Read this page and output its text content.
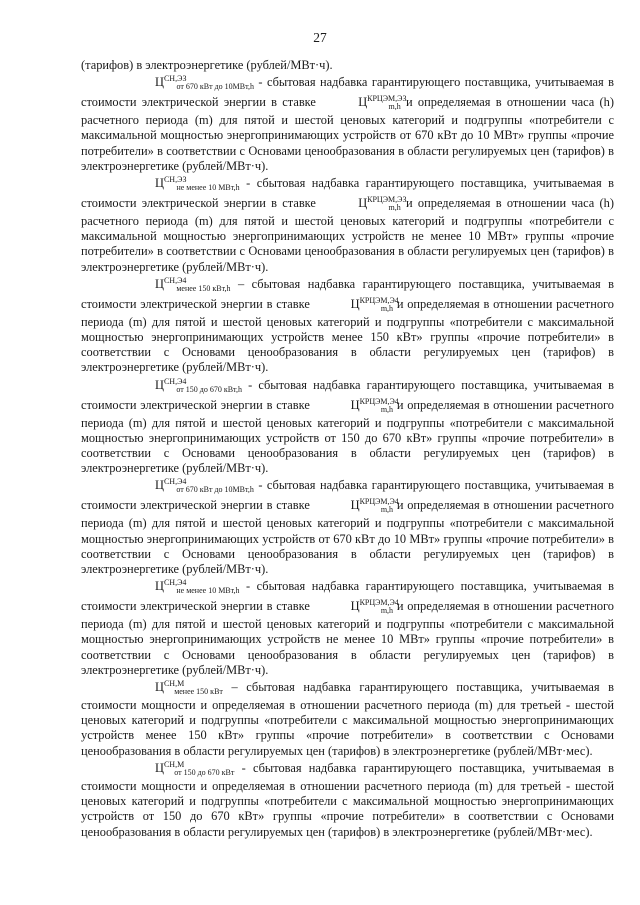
27

(тарифов) в электроэнергетике (рублей/МВт·ч).

$Ц^{СН,ЭЗ}_{от 670 кВт до 10МВт,h}$ - сбытовая надбавка гарантирующего поставщика, учитываемая в стоимости электрической энергии в ставке	$Ц^{КРЦЭМ,ЭЗ}_{m,h}$ и определяемая в отношении часа (h) расчетного периода (m) для пятой и шестой ценовых категорий и подгруппы «потребители с максимальной мощностью энергопринимающих устройств от 670 кВт до 10 МВт» группы «прочие потребители» в соответствии с Основами ценообразования в области регулируемых цен (тарифов) в электроэнергетике (рублей/МВт·ч).

$Ц^{СН,ЭЗ}_{не менее 10 МВт,h}$ - сбытовая надбавка гарантирующего поставщика, учитываемая в стоимости электрической энергии в ставке	$Ц^{КРЦЭМ,ЭЗ}_{m,h}$ и определяемая в отношении часа (h) расчетного периода (m) для пятой и шестой ценовых категорий и подгруппы «потребители с максимальной мощностью энергопринимающих устройств не менее 10 МВт» группы «прочие потребители» в соответствии с Основами ценообразования в области регулируемых цен (тарифов) в электроэнергетике (рублей/МВт·ч).

$Ц^{СН,Э4}_{менее 150 кВт,h}$ – сбытовая надбавка гарантирующего поставщика, учитываемая в стоимости электрической энергии в ставке	$Ц^{КРЦЭМ,Э4}_{m,h}$ и определяемая в отношении расчетного периода (m) для пятой и шестой ценовых категорий и подгруппы «потребители с максимальной мощностью энергопринимающих устройств менее 150 кВт» группы «прочие потребители» в соответствии с Основами ценообразования в области регулируемых цен (тарифов) в электроэнергетике (рублей/МВт·ч).

$Ц^{СН,Э4}_{от 150 до 670 кВт,h}$ - сбытовая надбавка гарантирующего поставщика, учитываемая в стоимости электрической энергии в ставке	$Ц^{КРЦЭМ,Э4}_{m,h}$ и определяемая в отношении расчетного периода (m) для пятой и шестой ценовых категорий и подгруппы «потребители с максимальной мощностью энергопринимающих устройств от 150 до 670 кВт» группы «прочие потребители» в соответствии с Основами ценообразования в области регулируемых цен (тарифов) в электроэнергетике (рублей/МВт·ч).

$Ц^{СН,Э4}_{от 670 кВт до 10МВт,h}$ - сбытовая надбавка гарантирующего поставщика, учитываемая в стоимости электрической энергии в ставке	$Ц^{КРЦЭМ,Э4}_{m,h}$ и определяемая в отношении расчетного периода (m) для пятой и шестой ценовых категорий и подгруппы «потребители с максимальной мощностью энергопринимающих устройств от 670 кВт до 10 МВт» группы «прочие потребители» в соответствии с Основами ценообразования в области регулируемых цен (тарифов) в электроэнергетике (рублей/МВт·ч).

$Ц^{СН,Э4}_{не менее 10 МВт,h}$ - сбытовая надбавка гарантирующего поставщика, учитываемая в стоимости электрической энергии в ставке	$Ц^{КРЦЭМ,Э4}_{m,h}$ и определяемая в отношении расчетного периода (m) для пятой и шестой ценовых категорий и подгруппы «потребители с максимальной мощностью энергопринимающих устройств не менее 10 МВт» группы «прочие потребители» в соответствии с Основами ценообразования в области регулируемых цен (тарифов) в электроэнергетике (рублей/МВт·ч).

$Ц^{СН,М}_{менее 150 кВт}$ – сбытовая надбавка гарантирующего поставщика, учитываемая в стоимости мощности и определяемая в отношении расчетного периода (m) для третьей - шестой ценовых категорий и подгруппы «потребители с максимальной мощностью энергопринимающих устройств менее 150 кВт» группы «прочие потребители» в соответствии с Основами ценообразования в области регулируемых цен (тарифов) в электроэнергетике (рублей/МВт·мес).

$Ц^{СН,М}_{от 150 до 670 кВт}$ - сбытовая надбавка гарантирующего поставщика, учитываемая в стоимости мощности и определяемая в отношении расчетного периода (m) для третьей - шестой ценовых категорий и подгруппы «потребители с максимальной мощностью энергопринимающих устройств от 150 до 670 кВт» группы «прочие потребители» в соответствии с Основами ценообразования в области регулируемых цен (тарифов) в электроэнергетике (рублей/МВт·мес).
